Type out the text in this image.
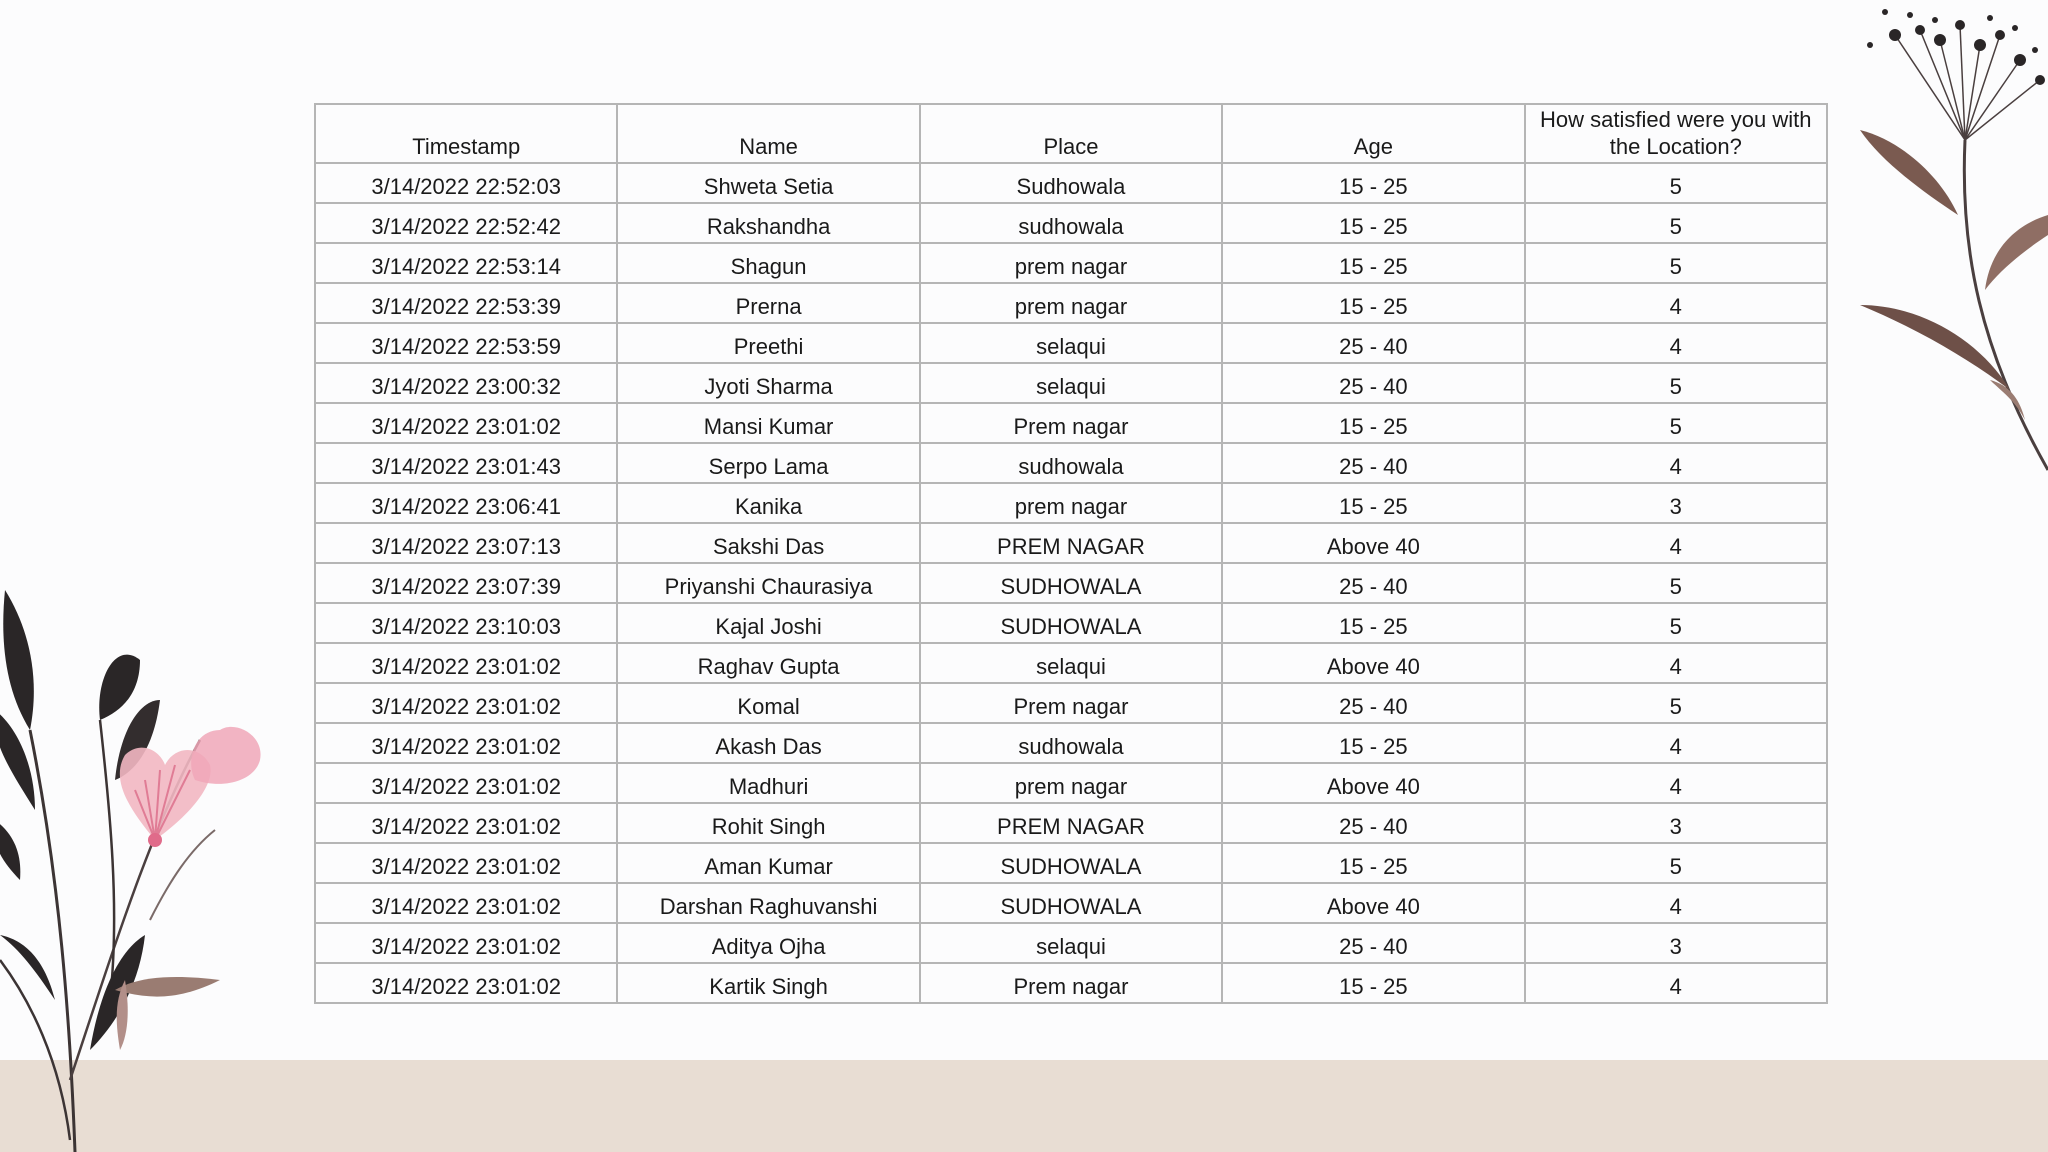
Timestamp	Name	Place	Age	How satisfied were you with the Location?
3/14/2022 22:52:03	Shweta Setia	Sudhowala	15 - 25	5
3/14/2022 22:52:42	Rakshandha	sudhowala	15 - 25	5
3/14/2022 22:53:14	Shagun	prem nagar	15 - 25	5
3/14/2022 22:53:39	Prerna	prem nagar	15 - 25	4
3/14/2022 22:53:59	Preethi	selaqui	25 - 40	4
3/14/2022 23:00:32	Jyoti Sharma	selaqui	25 - 40	5
3/14/2022 23:01:02	Mansi Kumar	Prem nagar	15 - 25	5
3/14/2022 23:01:43	Serpo Lama	sudhowala	25 - 40	4
3/14/2022 23:06:41	Kanika	prem nagar	15 - 25	3
3/14/2022 23:07:13	Sakshi Das	PREM NAGAR	Above 40	4
3/14/2022 23:07:39	Priyanshi Chaurasiya	SUDHOWALA	25 - 40	5
3/14/2022 23:10:03	Kajal Joshi	SUDHOWALA	15 - 25	5
3/14/2022 23:01:02	Raghav Gupta	selaqui	Above 40	4
3/14/2022 23:01:02	Komal	Prem nagar	25 - 40	5
3/14/2022 23:01:02	Akash Das	sudhowala	15 - 25	4
3/14/2022 23:01:02	Madhuri	prem nagar	Above 40	4
3/14/2022 23:01:02	Rohit Singh	PREM NAGAR	25 - 40	3
3/14/2022 23:01:02	Aman Kumar	SUDHOWALA	15 - 25	5
3/14/2022 23:01:02	Darshan Raghuvanshi	SUDHOWALA	Above 40	4
3/14/2022 23:01:02	Aditya Ojha	selaqui	25 - 40	3
3/14/2022 23:01:02	Kartik Singh	Prem nagar	15 - 25	4
